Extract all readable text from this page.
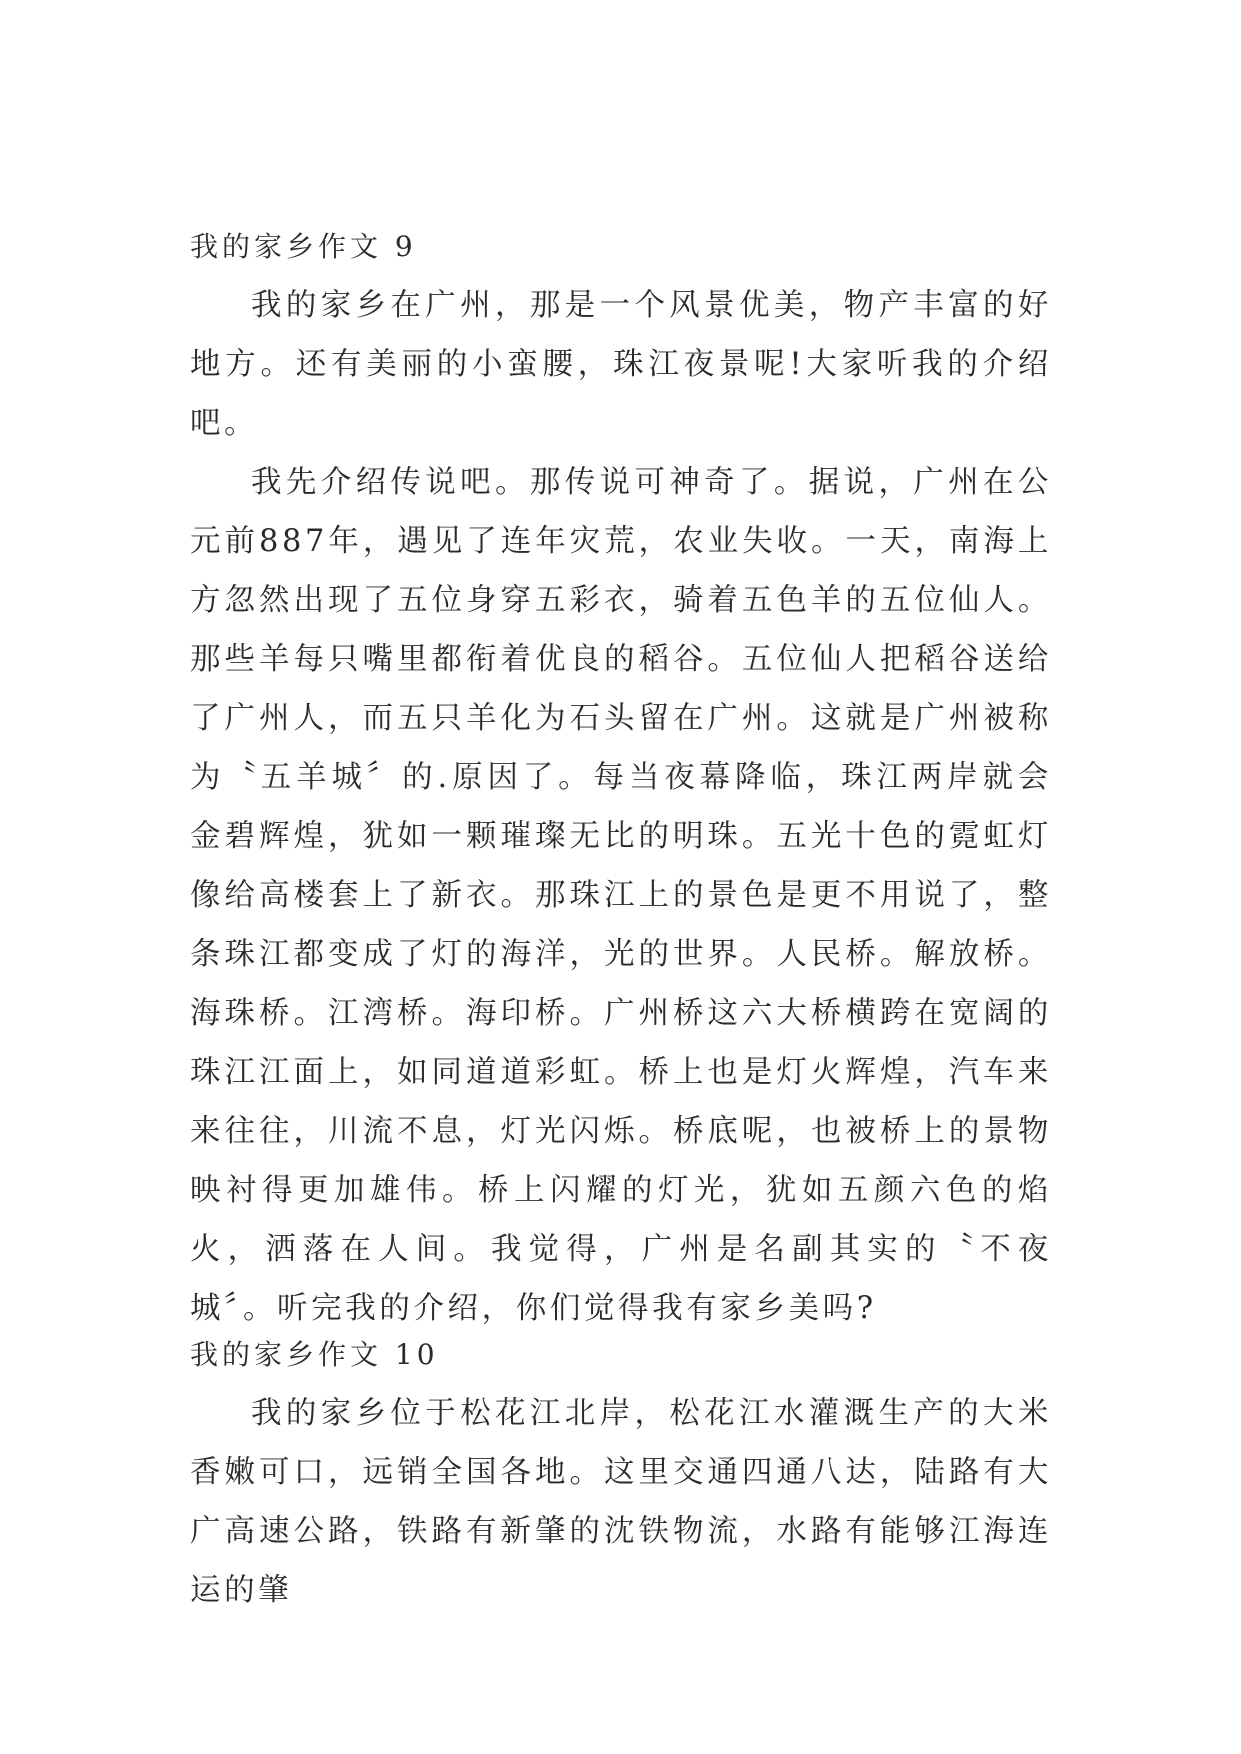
我的家乡作文 9

我的家乡在广州，那是一个风景优美，物产丰富的好地方。还有美丽的小蛮腰，珠江夜景呢!大家听我的介绍吧。

我先介绍传说吧。那传说可神奇了。据说，广州在公元前887年，遇见了连年灾荒，农业失收。一天，南海上方忽然出现了五位身穿五彩衣，骑着五色羊的五位仙人。那些羊每只嘴里都衔着优良的稻谷。五位仙人把稻谷送给了广州人，而五只羊化为石头留在广州。这就是广州被称为〝五羊城〞的.原因了。每当夜幕降临，珠江两岸就会金碧辉煌，犹如一颗璀璨无比的明珠。五光十色的霓虹灯像给高楼套上了新衣。那珠江上的景色是更不用说了，整条珠江都变成了灯的海洋，光的世界。人民桥。解放桥。海珠桥。江湾桥。海印桥。广州桥这六大桥横跨在宽阔的珠江江面上，如同道道彩虹。桥上也是灯火辉煌，汽车来来往往，川流不息，灯光闪烁。桥底呢，也被桥上的景物映衬得更加雄伟。桥上闪耀的灯光，犹如五颜六色的焰火，洒落在人间。我觉得，广州是名副其实的〝不夜城〞。听完我的介绍，你们觉得我有家乡美吗?

我的家乡作文 10

我的家乡位于松花江北岸，松花江水灌溉生产的大米香嫩可口，远销全国各地。这里交通四通八达，陆路有大广高速公路，铁路有新肇的沈铁物流，水路有能够江海连运的肇
